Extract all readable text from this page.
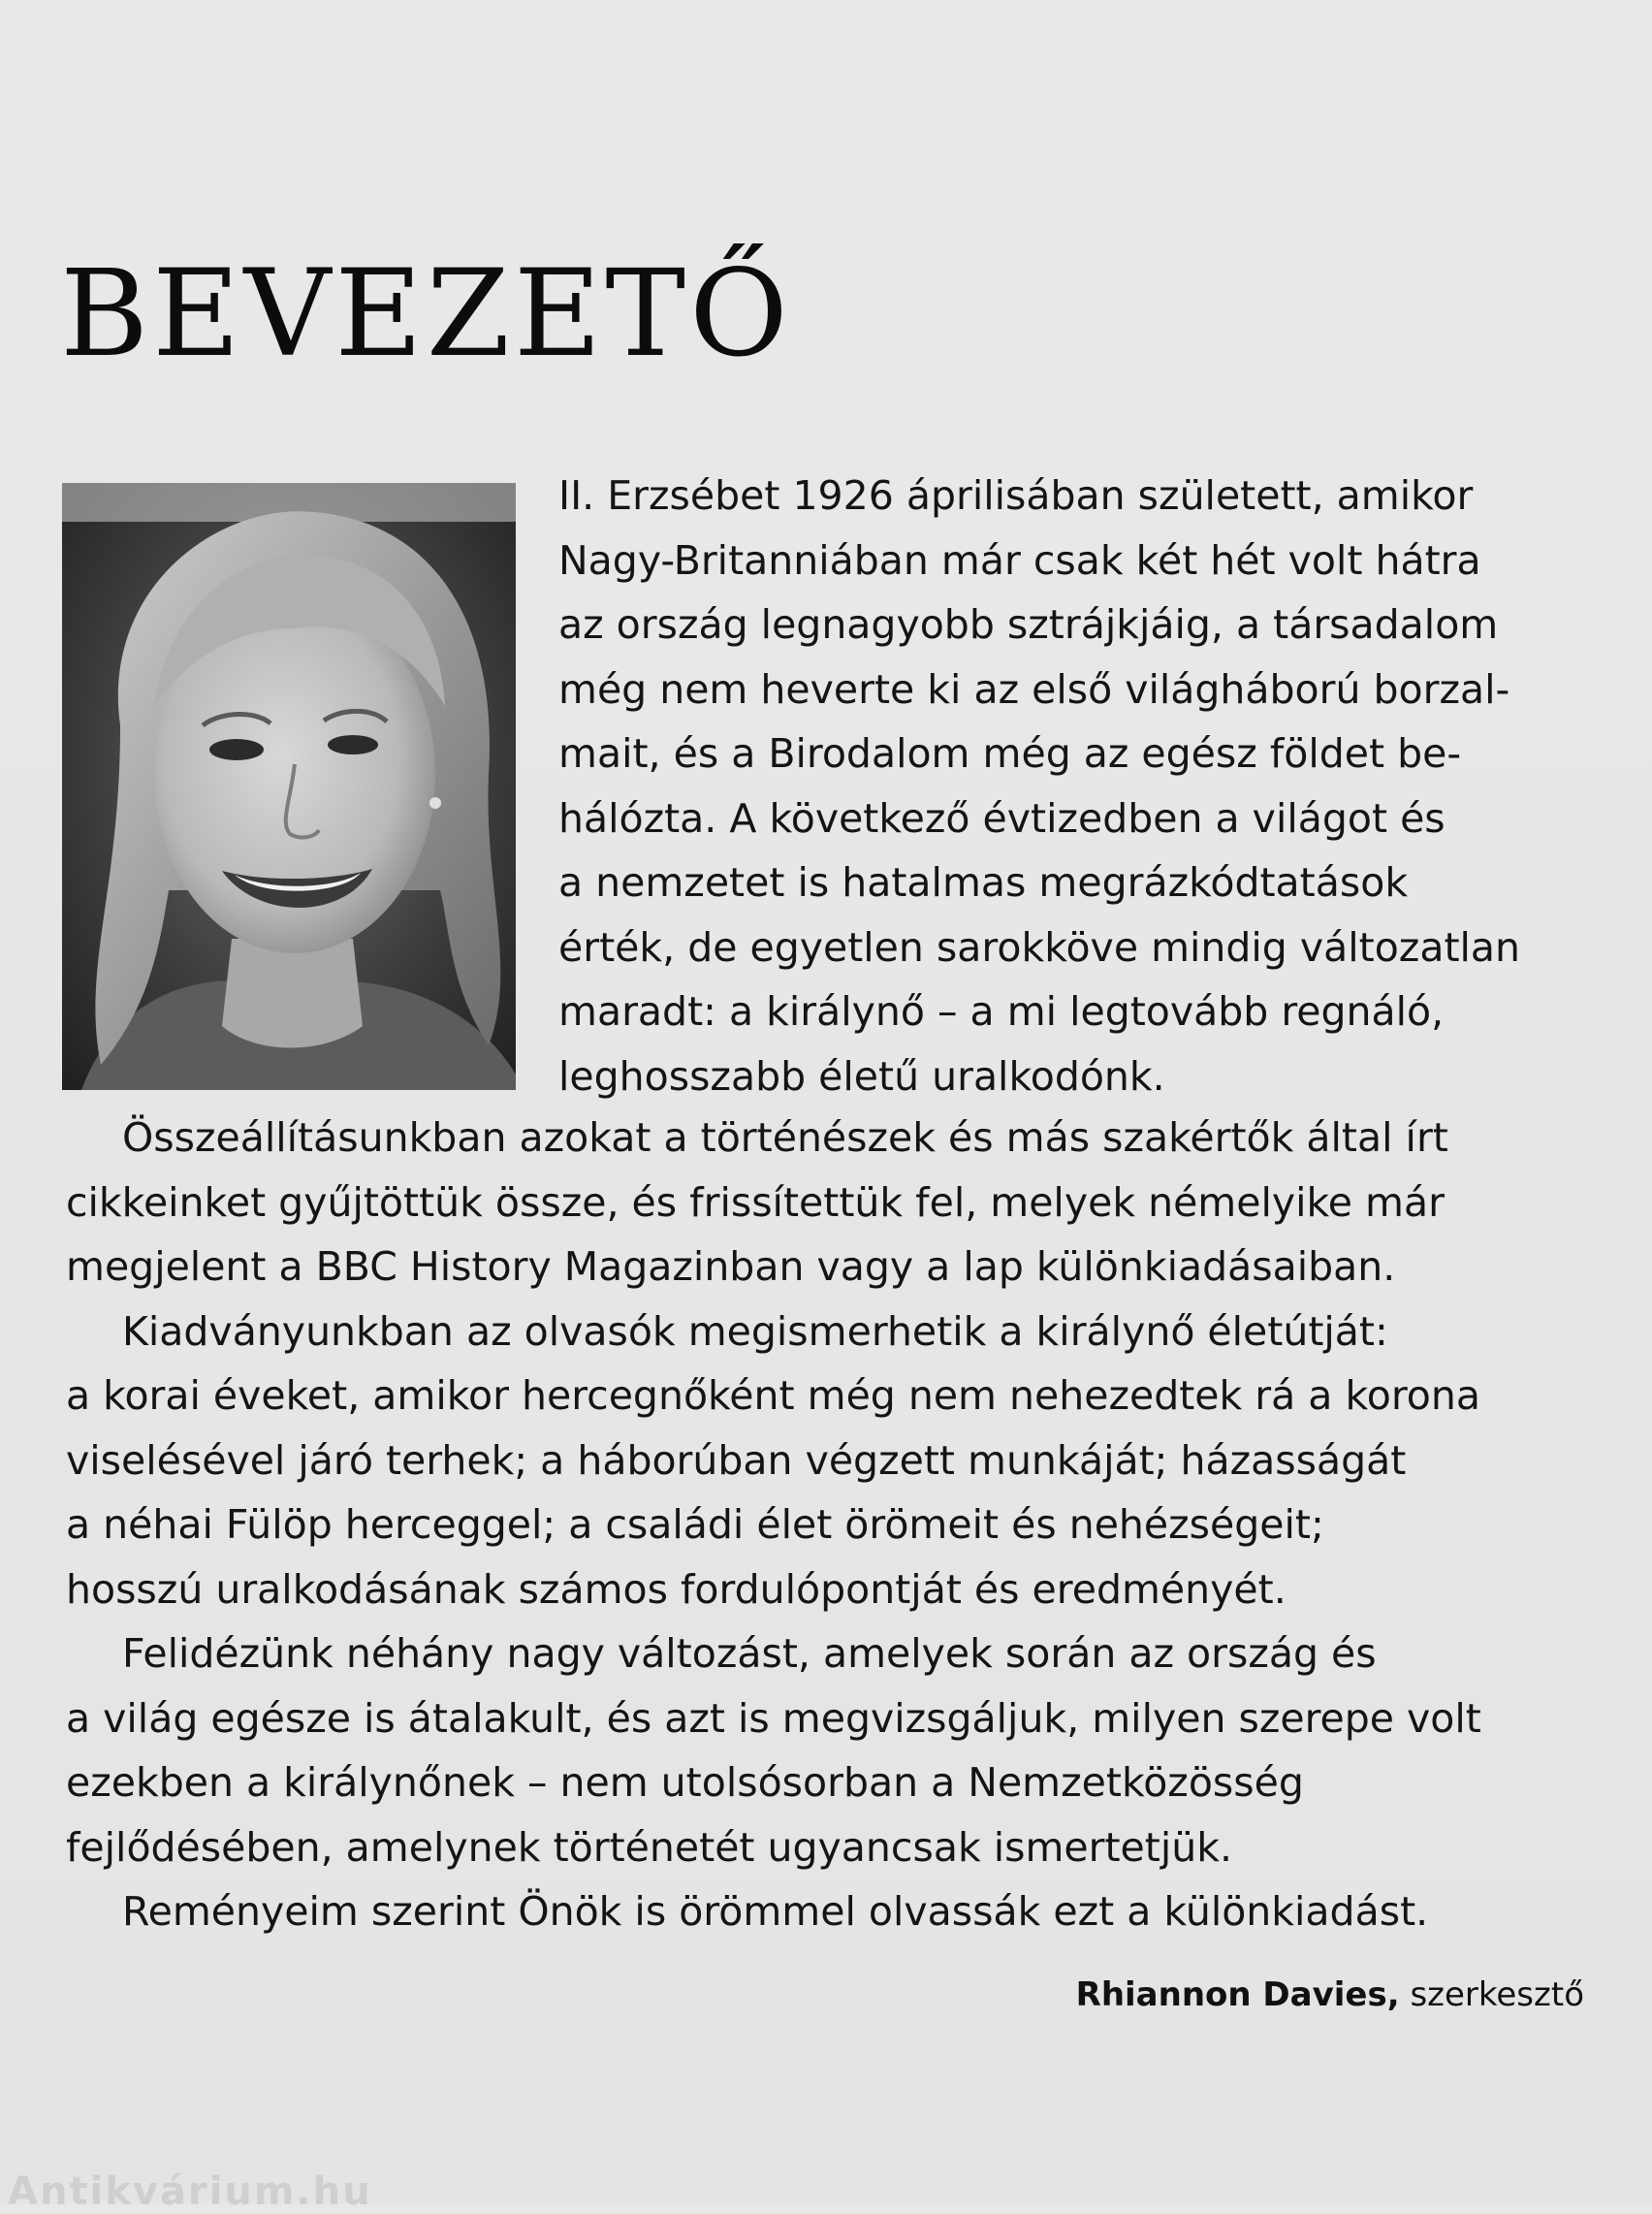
BEVEZETŐ
II. Erzsébet 1926 áprilisában született, amikor
Nagy-Britanniában már csak két hét volt hátra
az ország legnagyobb sztrájkjáig, a társadalom
még nem heverte ki az első világháború borzal-
mait, és a Birodalom még az egész földet be-
hálózta. A következő évtizedben a világot és
a nemzetet is hatalmas megrázkódtatások
érték, de egyetlen sarokköve mindig változatlan
maradt: a királynő – a mi legtovább regnáló,
leghosszabb életű uralkodónk.
Összeállításunkban azokat a történészek és más szakértők által írt
cikkeinket gyűjtöttük össze, és frissítettük fel, melyek némelyike már
megjelent a BBC History Magazinban vagy a lap különkiadásaiban.
Kiadványunkban az olvasók megismerhetik a királynő életútját:
a korai éveket, amikor hercegnőként még nem nehezedtek rá a korona
viselésével járó terhek; a háborúban végzett munkáját; házasságát
a néhai Fülöp herceggel; a családi élet örömeit és nehézségeit;
hosszú uralkodásának számos fordulópontját és eredményét.
Felidézünk néhány nagy változást, amelyek során az ország és
a világ egésze is átalakult, és azt is megvizsgáljuk, milyen szerepe volt
ezekben a királynőnek – nem utolsósorban a Nemzetközösség
fejlődésében, amelynek történetét ugyancsak ismertetjük.
Reményeim szerint Önök is örömmel olvassák ezt a különkiadást.
Rhiannon Davies, szerkesztő
Antikvárium.hu
